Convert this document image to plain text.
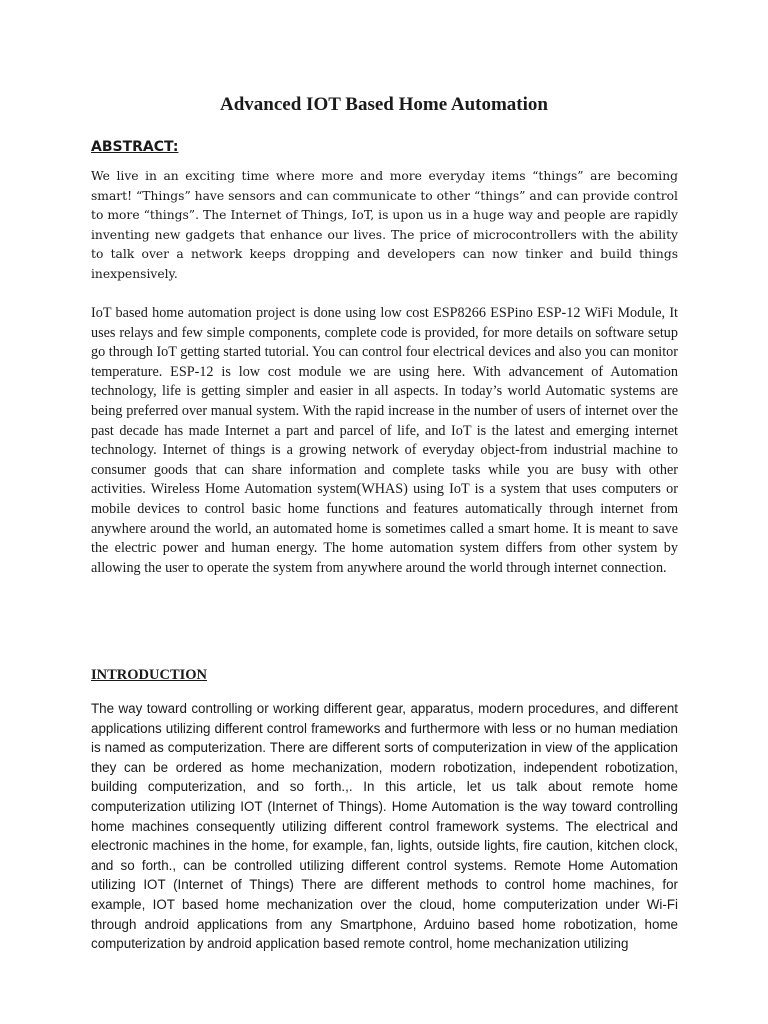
Advanced IOT Based Home Automation
ABSTRACT:

We live in an exciting time where more and more everyday items “things” are becoming smart! “Things” have sensors and can communicate to other “things” and can provide control to more “things”. The Internet of Things, IoT, is upon us in a huge way and people are rapidly inventing new gadgets that enhance our lives. The price of microcontrollers with the ability to talk over a network keeps dropping and developers can now tinker and build things inexpensively.

IoT based home automation project is done using low cost ESP8266 ESPino ESP-12 WiFi Module, It uses relays and few simple components, complete code is provided, for more details on software setup go through IoT getting started tutorial. You can control four electrical devices and also you can monitor temperature. ESP-12 is low cost module we are using here. With advancement of Automation technology, life is getting simpler and easier in all aspects. In today’s world Automatic systems are being preferred over manual system. With the rapid increase in the number of users of internet over the past decade has made Internet a part and parcel of life, and IoT is the latest and emerging internet technology. Internet of things is a growing network of everyday object-from industrial machine to consumer goods that can share information and complete tasks while you are busy with other activities. Wireless Home Automation system(WHAS) using IoT is a system that uses computers or mobile devices to control basic home functions and features automatically through internet from anywhere around the world, an automated home is sometimes called a smart home. It is meant to save the electric power and human energy. The home automation system differs from other system by allowing the user to operate the system from anywhere around the world through internet connection.

INTRODUCTION

The way toward controlling or working different gear, apparatus, modern procedures, and different applications utilizing different control frameworks and furthermore with less or no human mediation is named as computerization. There are different sorts of computerization in view of the application they can be ordered as home mechanization, modern robotization, independent robotization, building computerization, and so forth.,. In this article, let us talk about remote home computerization utilizing IOT (Internet of Things). Home Automation is the way toward controlling home machines consequently utilizing different control framework systems. The electrical and electronic machines in the home, for example, fan, lights, outside lights, fire caution, kitchen clock, and so forth., can be controlled utilizing different control systems. Remote Home Automation utilizing IOT (Internet of Things) There are different methods to control home machines, for example, IOT based home mechanization over the cloud, home computerization under Wi-Fi through android applications from any Smartphone, Arduino based home robotization, home computerization by android application based remote control, home mechanization utilizing
